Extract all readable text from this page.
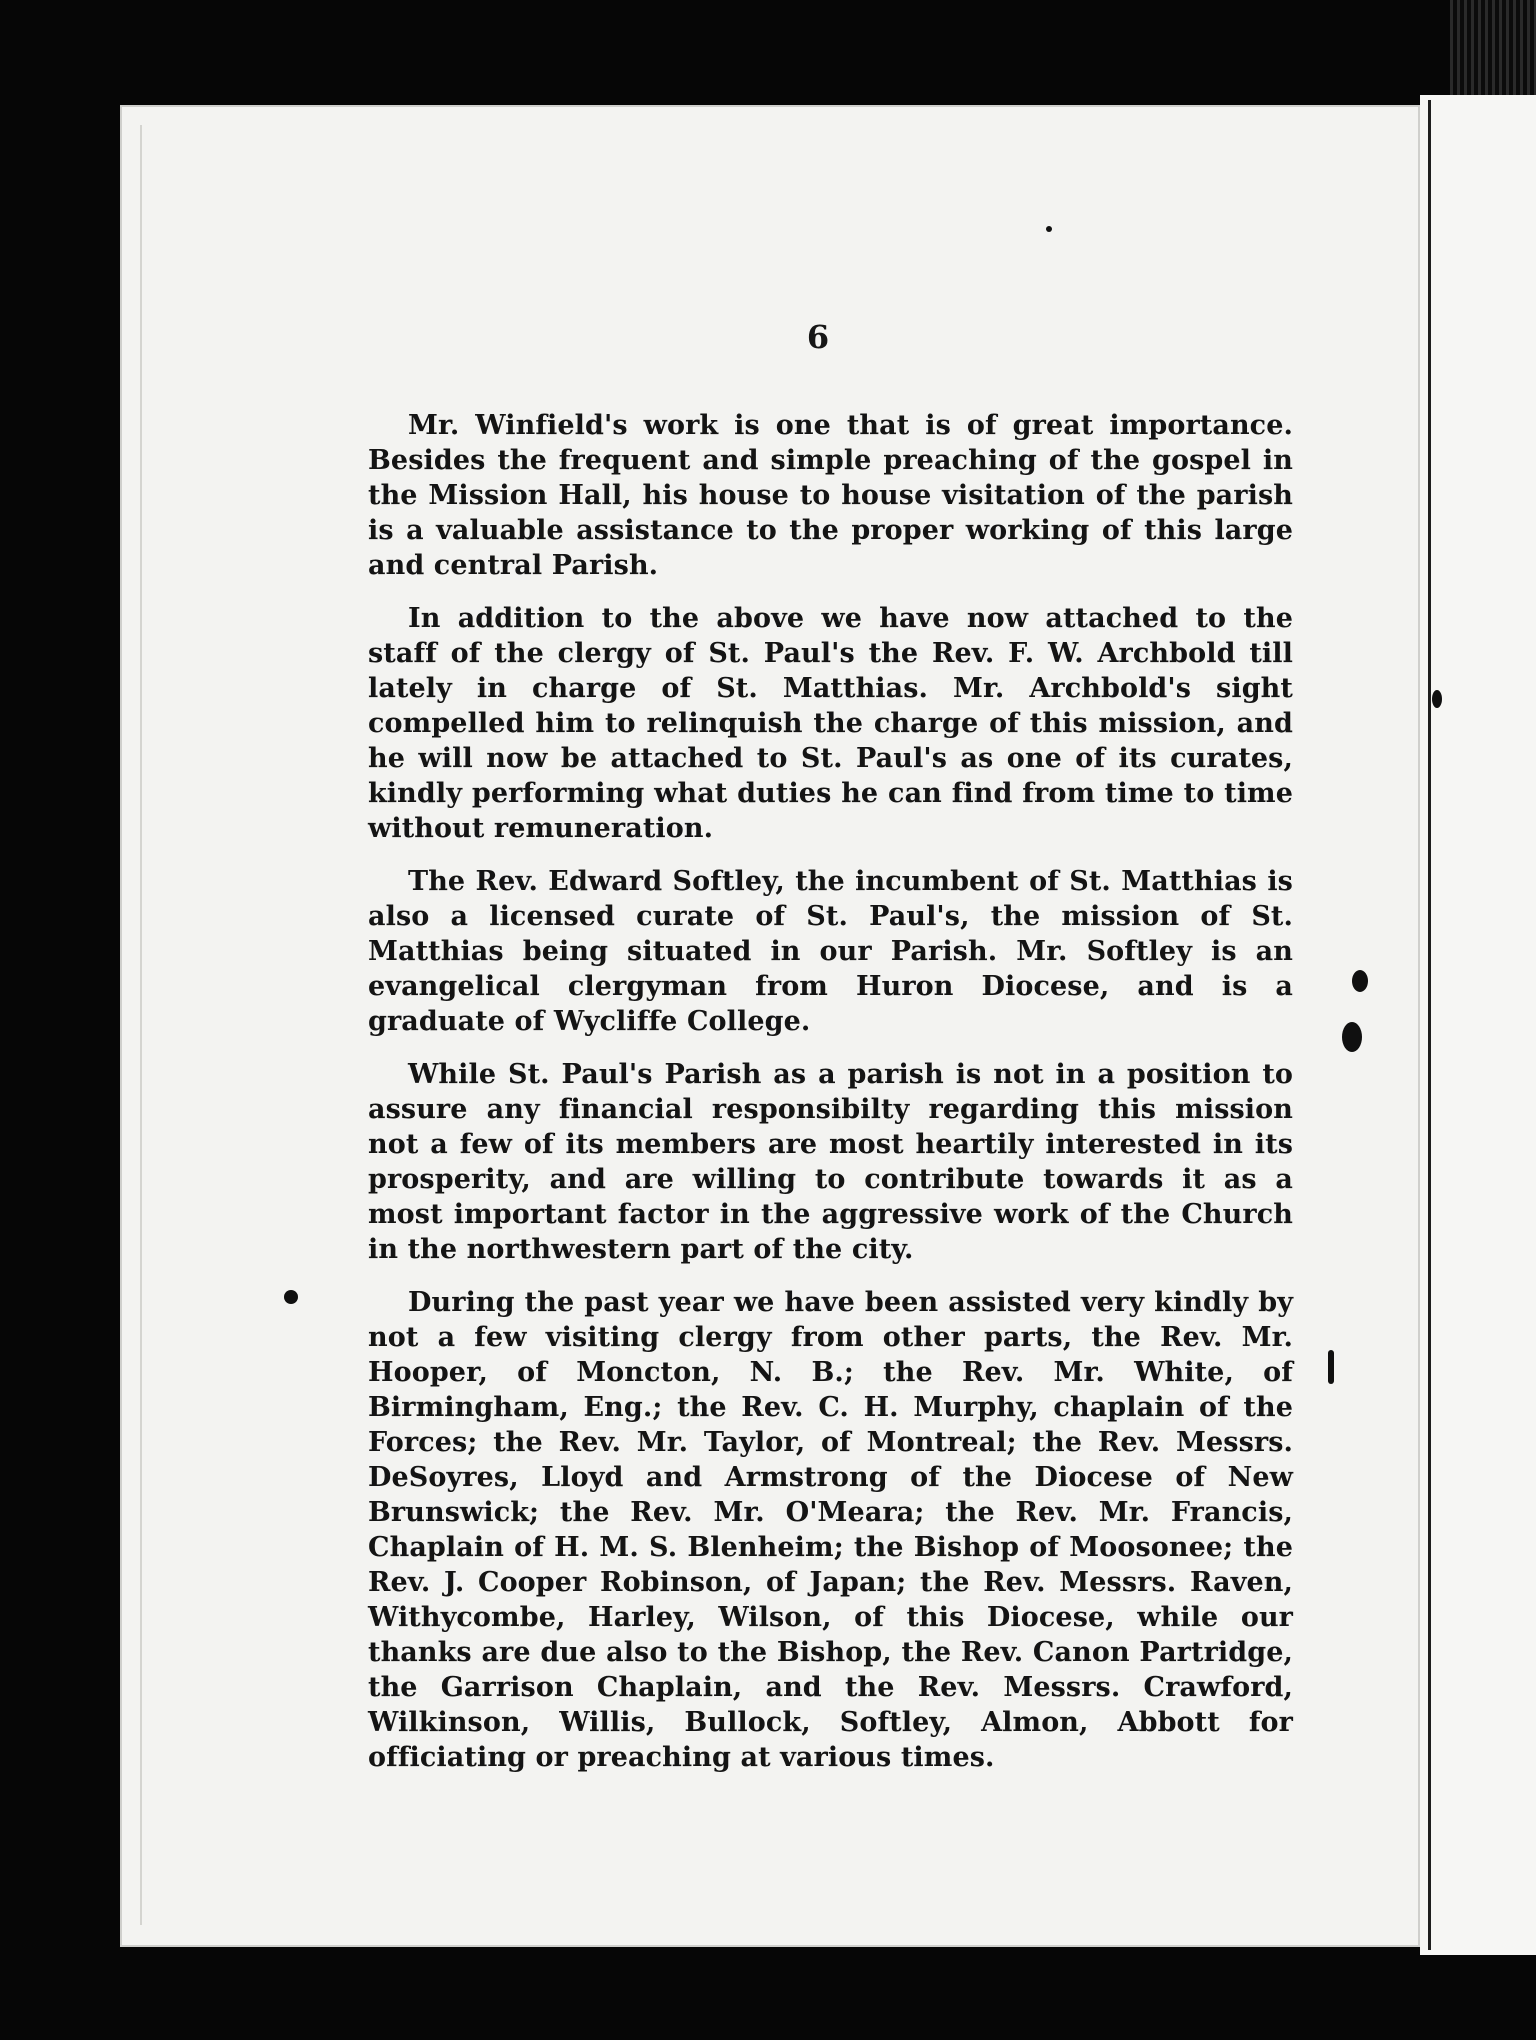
6

Mr. Winfield's work is one that is of great importance. Besides the frequent and simple preaching of the gospel in the Mission Hall, his house to house visitation of the parish is a valuable assistance to the proper working of this large and central Parish.

In addition to the above we have now attached to the staff of the clergy of St. Paul's the Rev. F. W. Archbold till lately in charge of St. Matthias. Mr. Archbold's sight compelled him to relinquish the charge of this mission, and he will now be attached to St. Paul's as one of its curates, kindly performing what duties he can find from time to time without remuneration.

The Rev. Edward Softley, the incumbent of St. Matthias is also a licensed curate of St. Paul's, the mission of St. Matthias being situated in our Parish. Mr. Softley is an evangelical clergyman from Huron Diocese, and is a graduate of Wycliffe College.

While St. Paul's Parish as a parish is not in a position to assure any financial responsibilty regarding this mission not a few of its members are most heartily interested in its prosperity, and are willing to contribute towards it as a most important factor in the aggressive work of the Church in the northwestern part of the city.

During the past year we have been assisted very kindly by not a few visiting clergy from other parts, the Rev. Mr. Hooper, of Moncton, N. B.; the Rev. Mr. White, of Birmingham, Eng.; the Rev. C. H. Murphy, chaplain of the Forces; the Rev. Mr. Taylor, of Montreal; the Rev. Messrs. DeSoyres, Lloyd and Armstrong of the Diocese of New Brunswick; the Rev. Mr. O'Meara; the Rev. Mr. Francis, Chaplain of H. M. S. Blenheim; the Bishop of Moosonee; the Rev. J. Cooper Robinson, of Japan; the Rev. Messrs. Raven, Withycombe, Harley, Wilson, of this Diocese, while our thanks are due also to the Bishop, the Rev. Canon Partridge, the Garrison Chaplain, and the Rev. Messrs. Crawford, Wilkinson, Willis, Bullock, Softley, Almon, Abbott for officiating or preaching at various times.
